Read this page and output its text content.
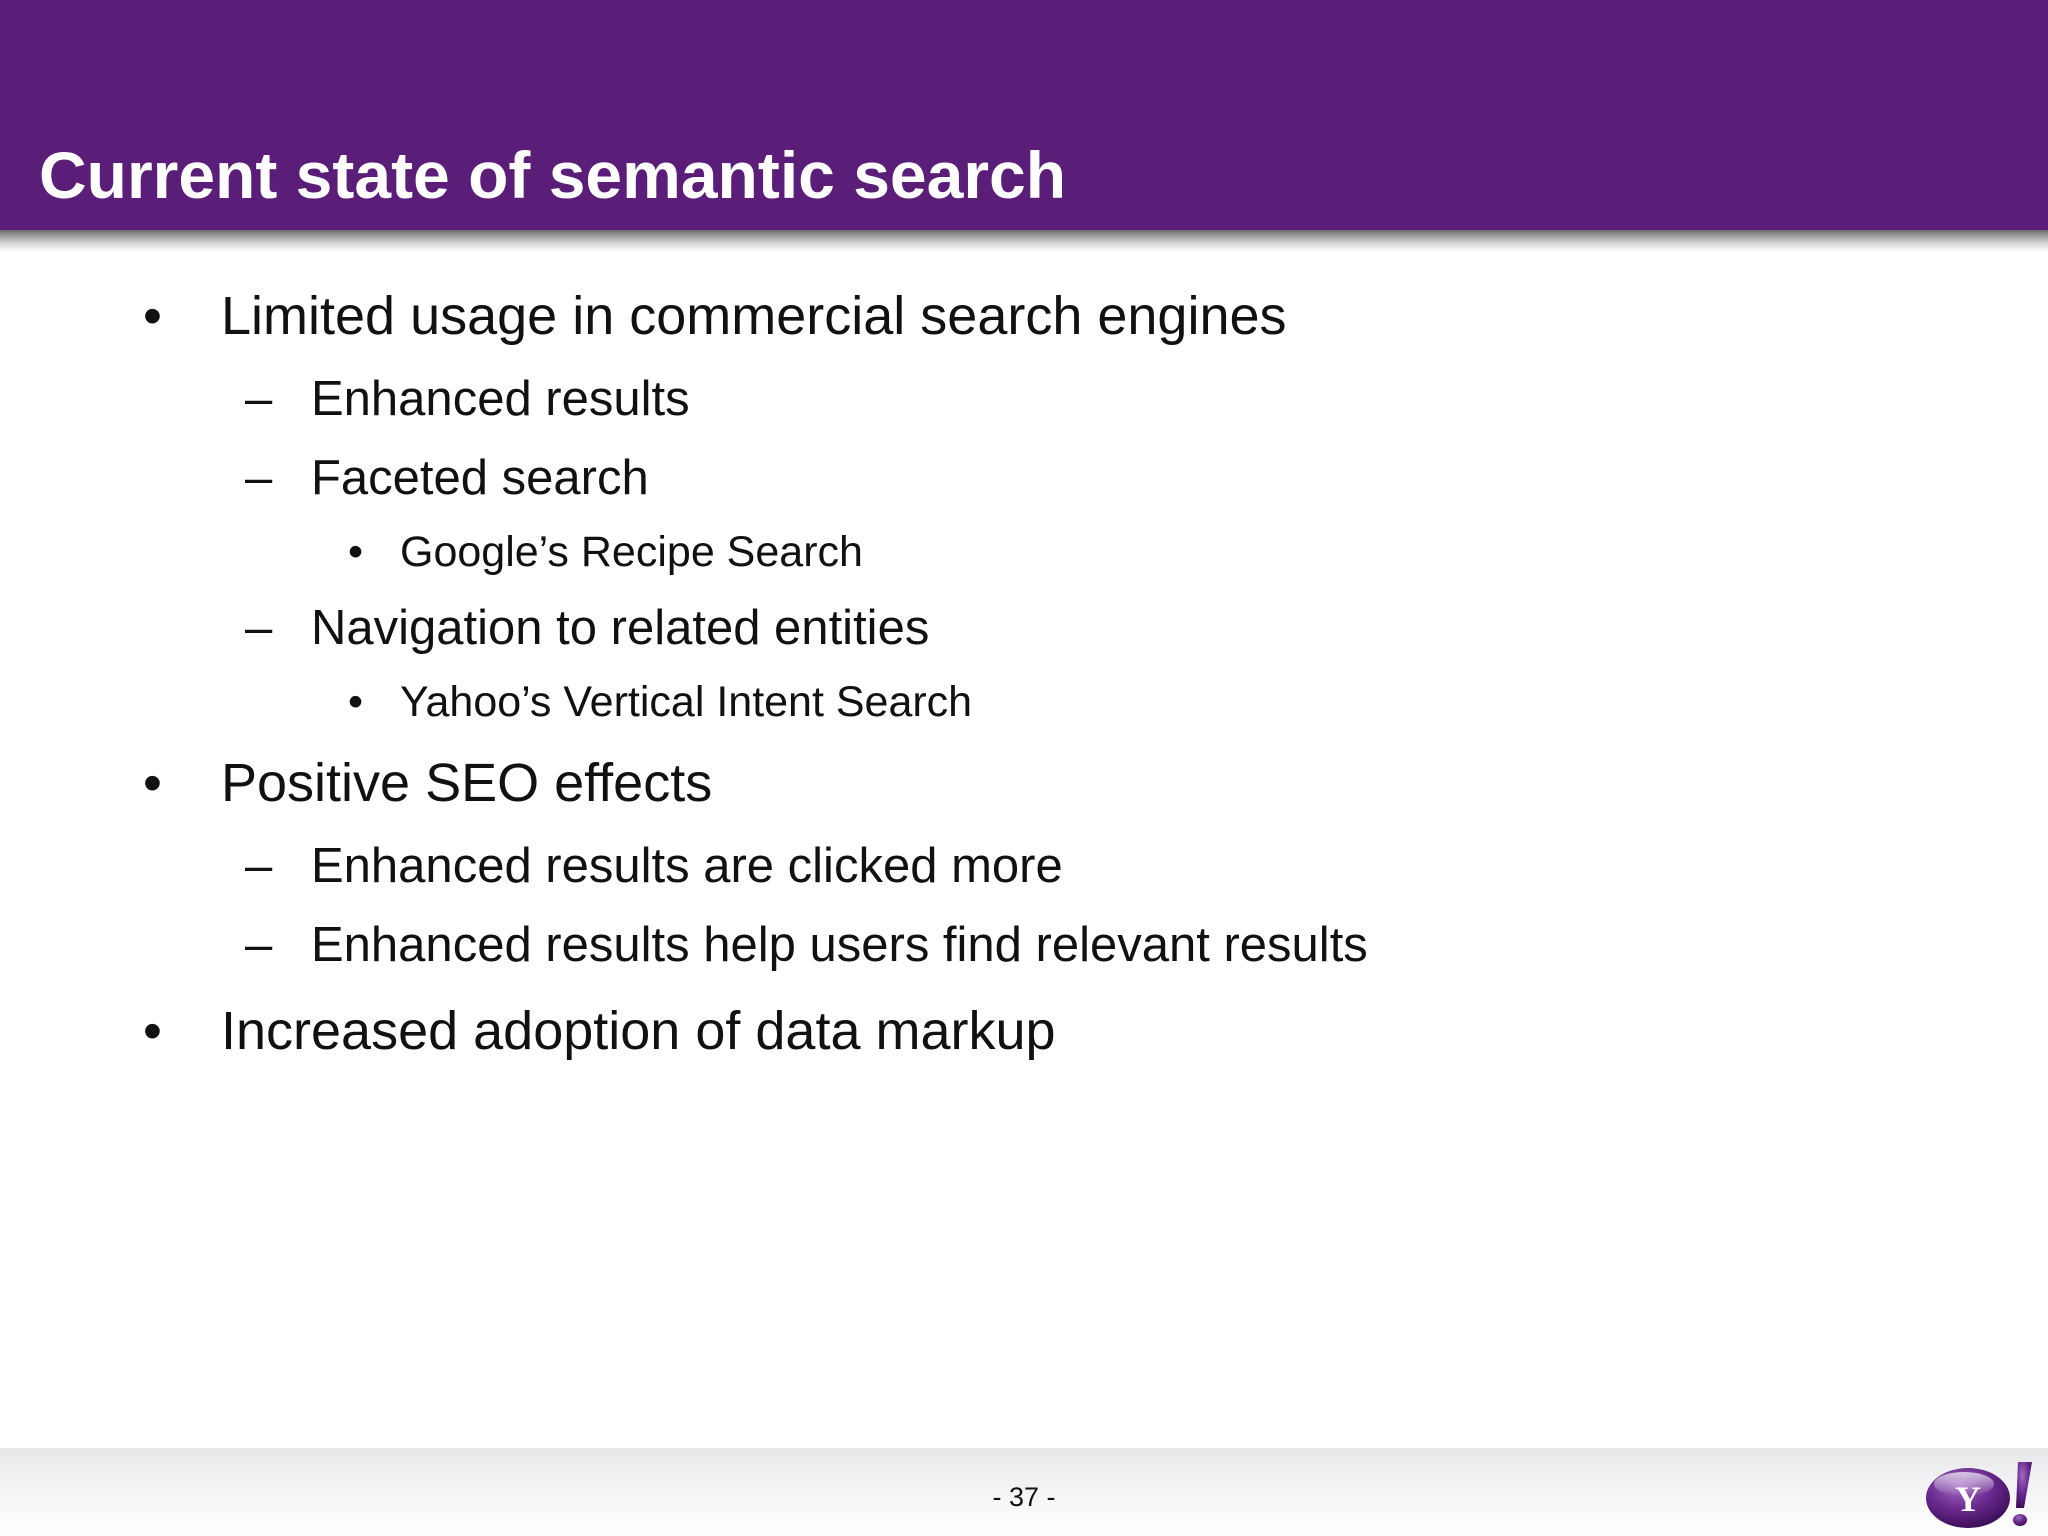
Current state of semantic search
• Limited usage in commercial search engines
– Enhanced results
– Faceted search
• Google’s Recipe Search
– Navigation to related entities
• Yahoo’s Vertical Intent Search
• Positive SEO effects
– Enhanced results are clicked more
– Enhanced results help users find relevant results
• Increased adoption of data markup
- 37 -	Y
